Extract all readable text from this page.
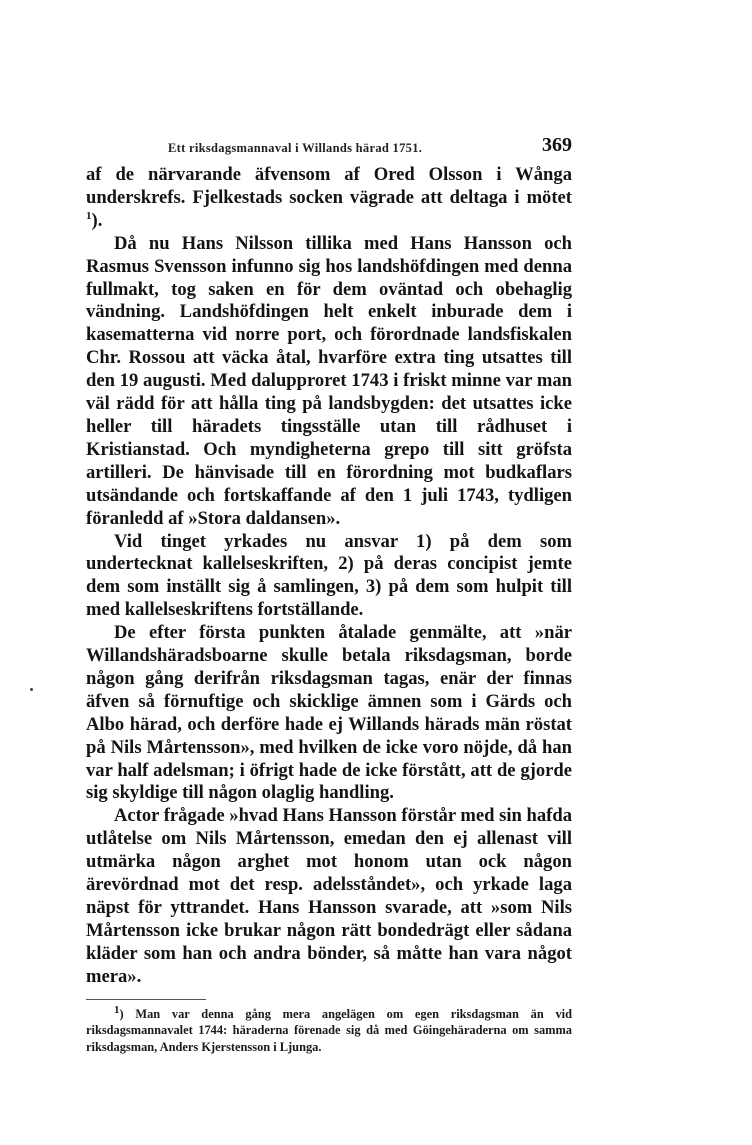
Ett riksdagsmannaval i Willands härad 1751.	369

af de närvarande äfvensom af Ored Olsson i Wånga underskrefs. Fjelkestads socken vägrade att deltaga i mötet $^1$).

Då nu Hans Nilsson tillika med Hans Hansson och Rasmus Svensson infunno sig hos landshöfdingen med denna fullmakt, tog saken en för dem oväntad och obehaglig vändning. Landshöfdingen helt enkelt inburade dem i kasematterna vid norre port, och förordnade landsfiskalen Chr. Rossou att väcka åtal, hvarföre extra ting utsattes till den 19 augusti. Med dalupproret 1743 i friskt minne var man väl rädd för att hålla ting på landsbygden: det utsattes icke heller till häradets tingsställe utan till rådhuset i Kristianstad. Och myndigheterna grepo till sitt gröfsta artilleri. De hänvisade till en förordning mot budkaflars utsändande och fortskaffande af den 1 juli 1743, tydligen föranledd af »Stora daldansen».

Vid tinget yrkades nu ansvar 1) på dem som undertecknat kallelseskriften, 2) på deras concipist jemte dem som inställt sig å samlingen, 3) på dem som hulpit till med kallelseskriftens fortställande.

De efter första punkten åtalade genmälte, att »när Willandshäradsboarne skulle betala riksdagsman, borde någon gång derifrån riksdagsman tagas, enär der finnas äfven så förnuftige och skicklige ämnen som i Gärds och Albo härad, och derföre hade ej Willands härads män röstat på Nils Mårtensson», med hvilken de icke voro nöjde, då han var half adelsman; i öfrigt hade de icke förstått, att de gjorde sig skyldige till någon olaglig handling.

Actor frågade »hvad Hans Hansson förstår med sin hafda utlåtelse om Nils Mårtensson, emedan den ej allenast vill utmärka någon arghet mot honom utan ock någon ärevördnad mot det resp. adelsståndet», och yrkade laga näpst för yttrandet. Hans Hansson svarade, att »som Nils Mårtensson icke brukar någon rätt bondedrägt eller sådana kläder som han och andra bönder, så måtte han vara något mera».

$^1$) Man var denna gång mera angelägen om egen riksdagsman än vid riksdagsmannavalet 1744: häraderna förenade sig då med Göingehäraderna om samma riksdagsman, Anders Kjerstensson i Ljunga.
